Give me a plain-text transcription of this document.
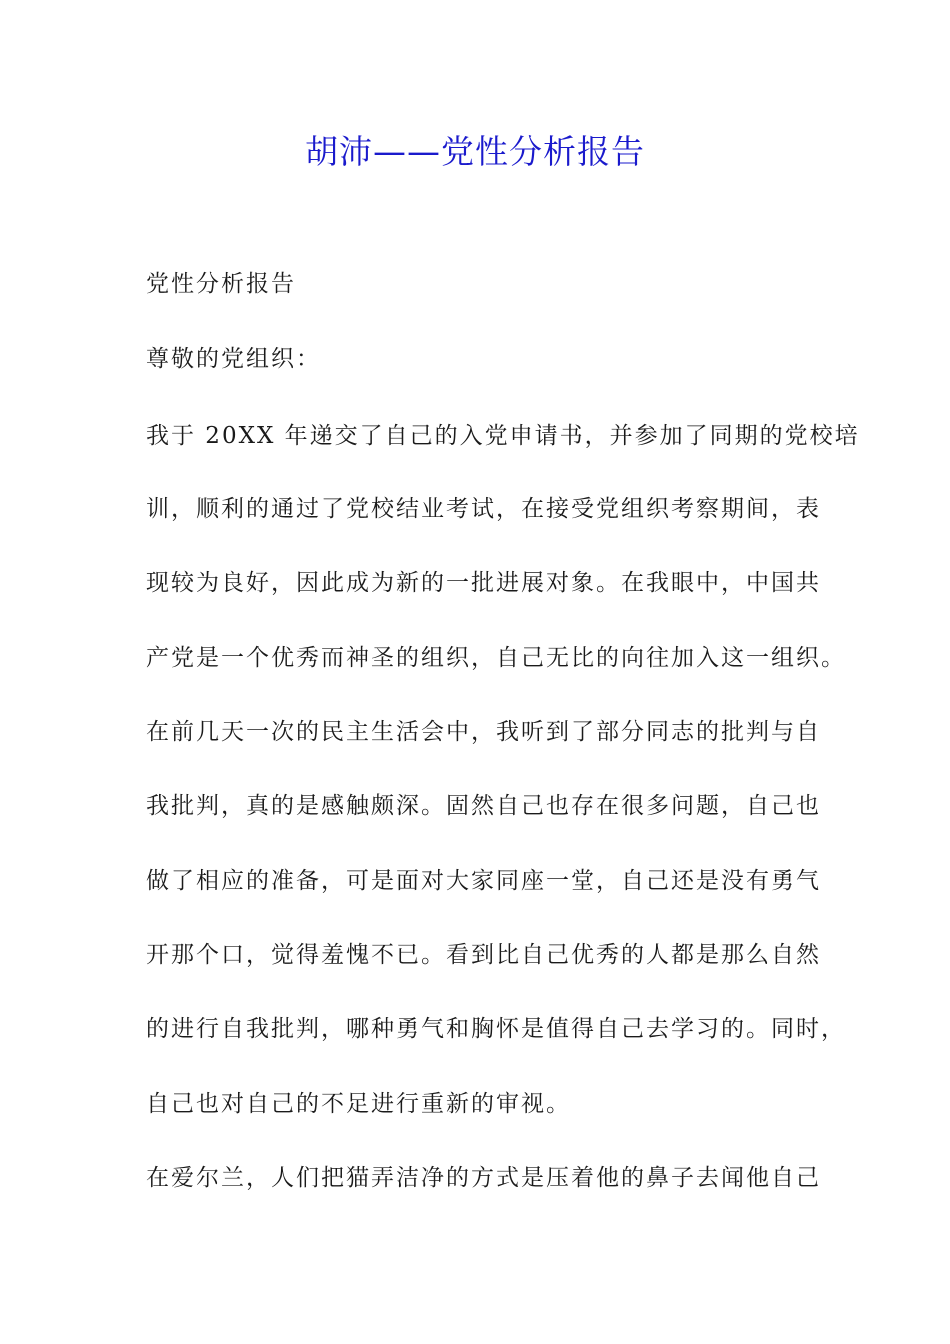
胡沛——党性分析报告
党性分析报告
尊敬的党组织：
我于 20XX 年递交了自己的入党申请书，并参加了同期的党校培
训，顺利的通过了党校结业考试，在接受党组织考察期间，表
现较为良好，因此成为新的一批进展对象。在我眼中，中国共
产党是一个优秀而神圣的组织，自己无比的向往加入这一组织。
在前几天一次的民主生活会中，我听到了部分同志的批判与自
我批判，真的是感触颇深。固然自己也存在很多问题，自己也
做了相应的准备，可是面对大家同座一堂，自己还是没有勇气
开那个口，觉得羞愧不已。看到比自己优秀的人都是那么自然
的进行自我批判，哪种勇气和胸怀是值得自己去学习的。同时，
自己也对自己的不足进行重新的审视。
在爱尔兰，人们把猫弄洁净的方式是压着他的鼻子去闻他自己
